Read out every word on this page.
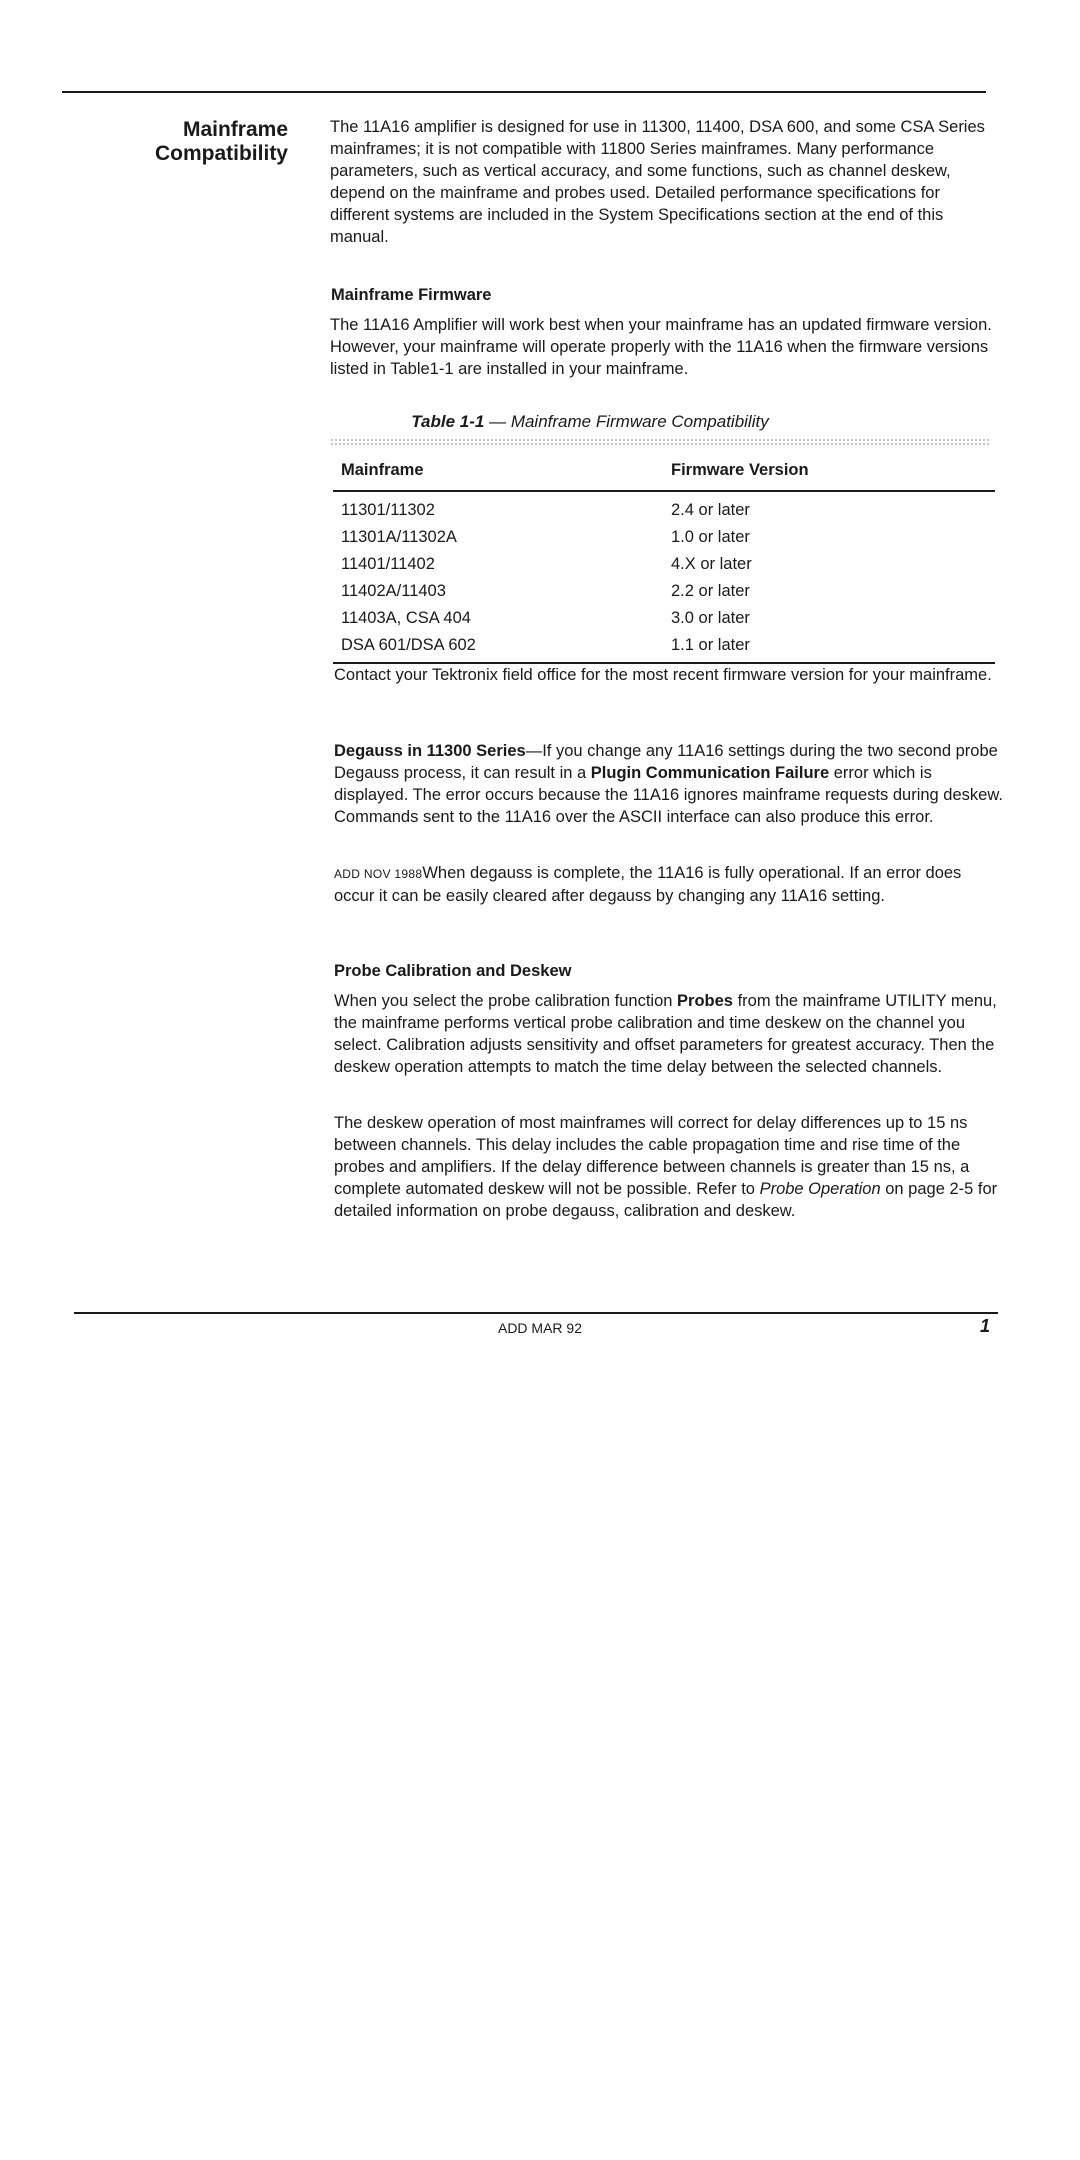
Mainframe
Compatibility

The 11A16 amplifier is designed for use in 11300, 11400, DSA 600, and some CSA Series mainframes; it is not compatible with 11800 Series mainframes. Many performance parameters, such as vertical accuracy, and some functions, such as channel deskew, depend on the mainframe and probes used. Detailed performance specifications for different systems are included in the System Specifications section at the end of this manual.

Mainframe Firmware

The 11A16 Amplifier will work best when your mainframe has an updated firmware version. However, your mainframe will operate properly with the 11A16 when the firmware versions listed in Table1-1 are installed in your mainframe.

Table 1-1 — Mainframe Firmware Compatibility
Mainframe	Firmware Version
11301/11302	2.4 or later
11301A/11302A	1.0 or later
11401/11402	4.X or later
11402A/11403	2.2 or later
11403A, CSA 404	3.0 or later
DSA 601/DSA 602	1.1 or later

Contact your Tektronix field office for the most recent firmware version for your mainframe.

Degauss in 11300 Series—If you change any 11A16 settings during the two second probe Degauss process, it can result in a Plugin Communication Failure error which is displayed. The error occurs because the 11A16 ignores mainframe requests during deskew. Commands sent to the 11A16 over the ASCII interface can also produce this error.

ADD NOV 1988When degauss is complete, the 11A16 is fully operational. If an error does occur it can be easily cleared after degauss by changing any 11A16 setting.

Probe Calibration and Deskew

When you select the probe calibration function Probes from the mainframe UTILITY menu, the mainframe performs vertical probe calibration and time deskew on the channel you select. Calibration adjusts sensitivity and offset parameters for greatest accuracy. Then the deskew operation attempts to match the time delay between the selected channels.

The deskew operation of most mainframes will correct for delay differences up to 15 ns between channels. This delay includes the cable propagation time and rise time of the probes and amplifiers. If the delay difference between channels is greater than 15 ns, a complete automated deskew will not be possible. Refer to Probe Operation on page 2-5 for detailed information on probe degauss, calibration and deskew.

ADD MAR 92	1
